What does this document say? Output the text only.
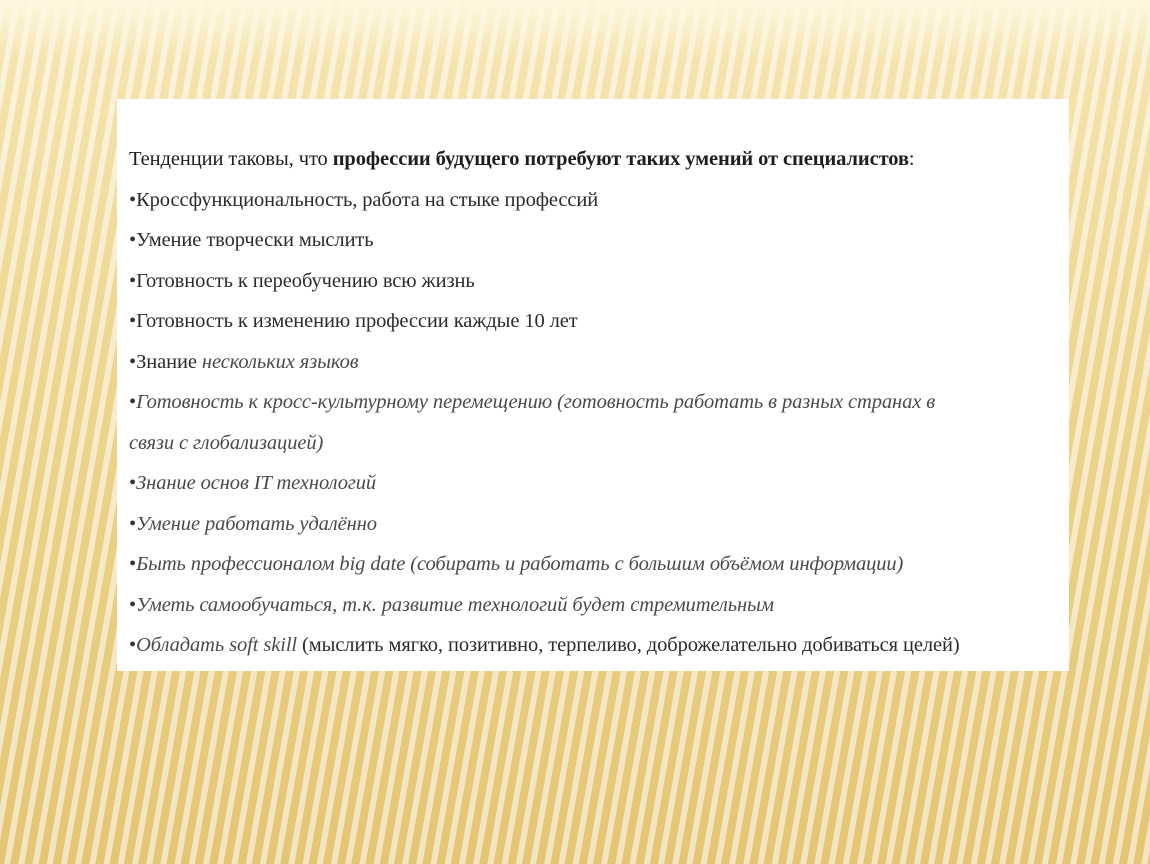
Тенденции таковы, что профессии будущего потребуют таких умений от специалистов:
•Кроссфункциональность, работа на стыке профессий
•Умение творчески мыслить
•Готовность к переобучению всю жизнь
•Готовность к изменению профессии каждые 10 лет
•Знание нескольких языков
•Готовность к кросс-культурному перемещению (готовность работать в разных странах в
связи с глобализацией)
•Знание основ IT технологий
•Умение работать удалённо
•Быть профессионалом big date (собирать и работать с большим объёмом информации)
•Уметь самообучаться, т.к. развитие технологий будет стремительным
•Обладать soft skill (мыслить мягко, позитивно, терпеливо, доброжелательно добиваться целей)
